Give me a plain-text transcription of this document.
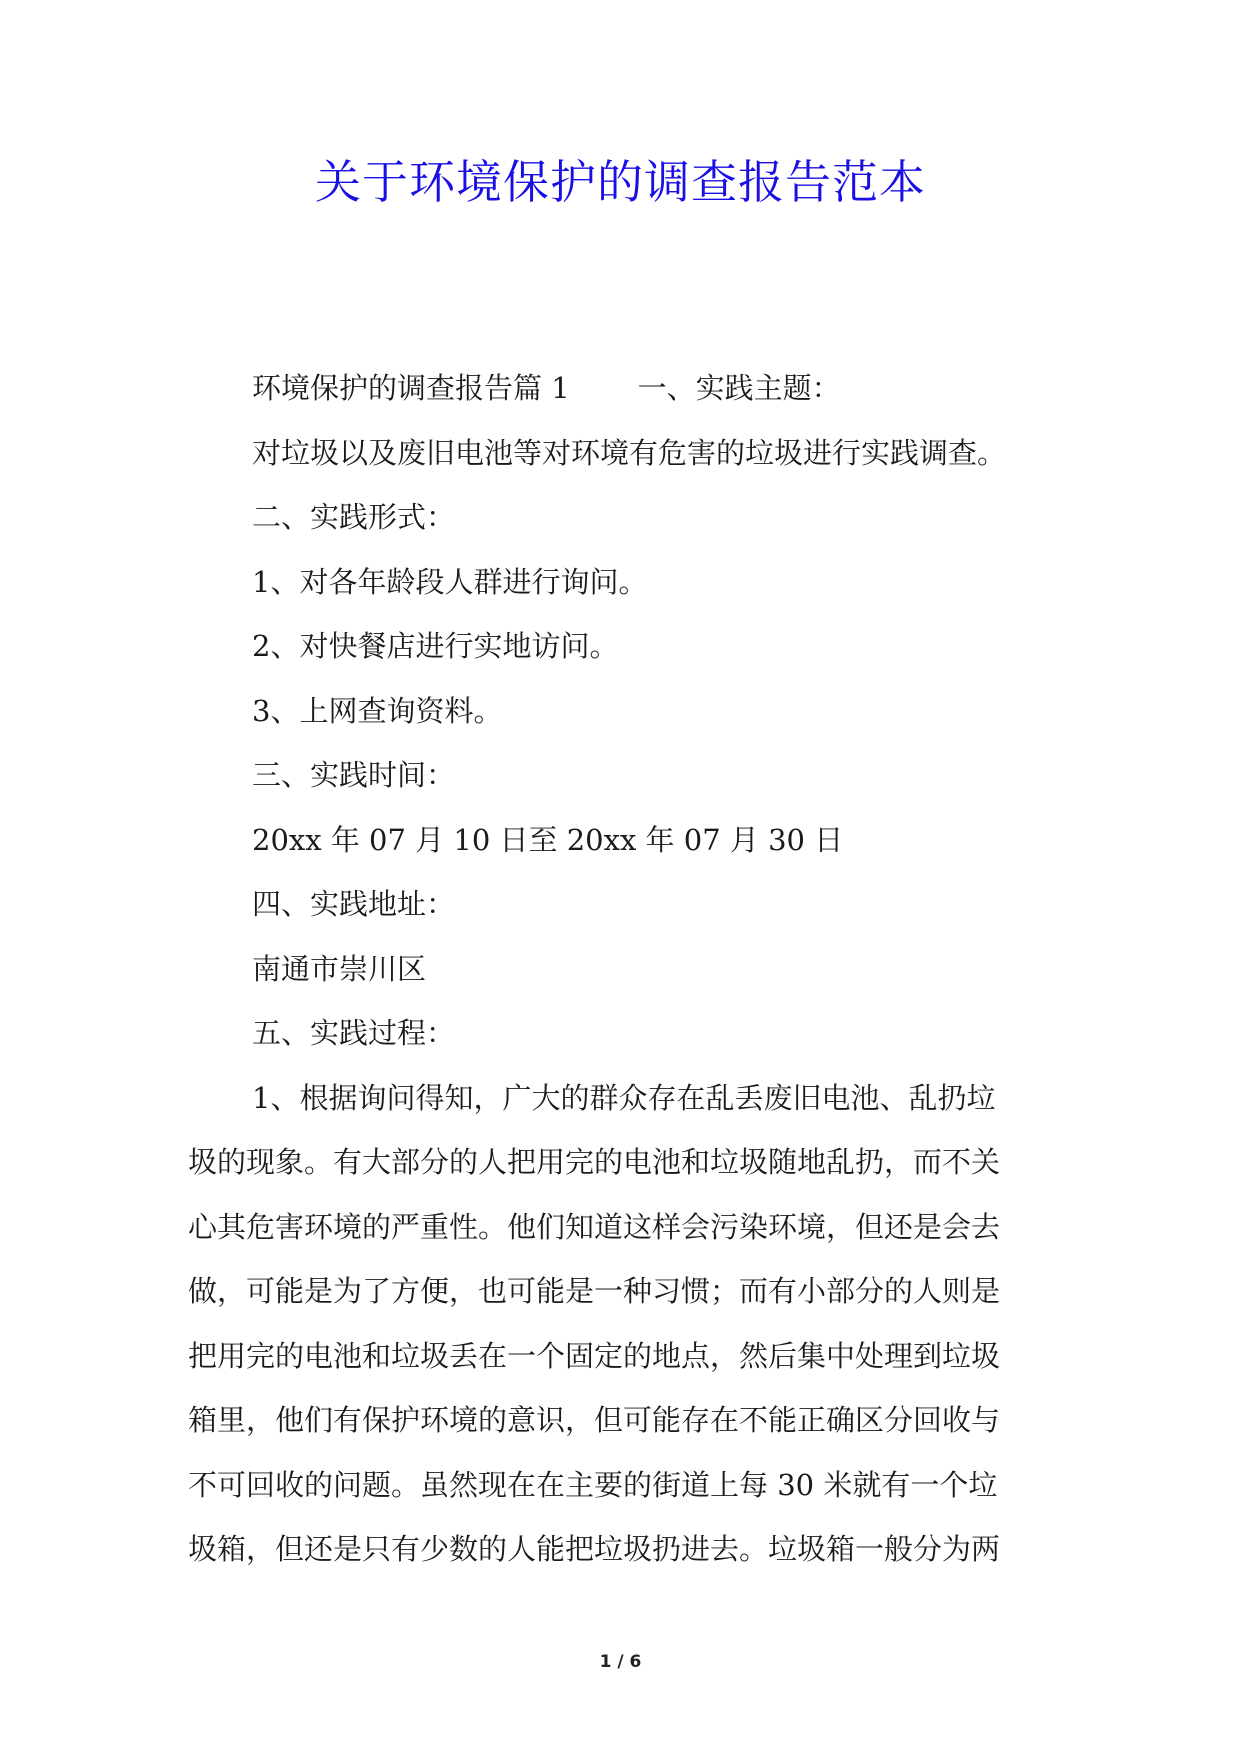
关于环境保护的调查报告范本

环境保护的调查报告篇 1 一、实践主题：

对垃圾以及废旧电池等对环境有危害的垃圾进行实践调查。

二、实践形式：

1、对各年龄段人群进行询问。

2、对快餐店进行实地访问。

3、上网查询资料。

三、实践时间：

20xx 年 07 月 10 日至 20xx 年 07 月 30 日

四、实践地址：

南通市崇川区

五、实践过程：

1、根据询问得知，广大的群众存在乱丢废旧电池、乱扔垃
圾的现象。有大部分的人把用完的电池和垃圾随地乱扔，而不关
心其危害环境的严重性。他们知道这样会污染环境，但还是会去
做，可能是为了方便，也可能是一种习惯；而有小部分的人则是
把用完的电池和垃圾丢在一个固定的地点，然后集中处理到垃圾
箱里，他们有保护环境的意识，但可能存在不能正确区分回收与
不可回收的问题。虽然现在在主要的街道上每 30 米就有一个垃
圾箱，但还是只有少数的人能把垃圾扔进去。垃圾箱一般分为两
1 / 6
